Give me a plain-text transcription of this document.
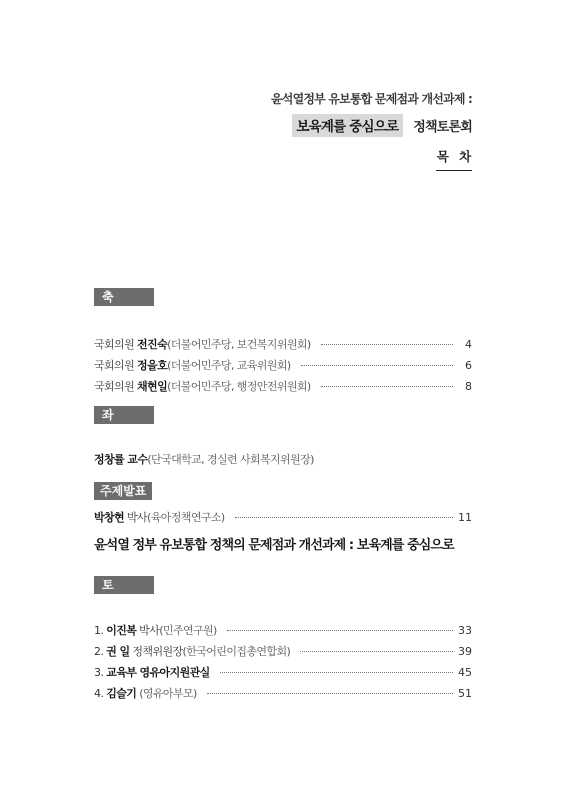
윤석열정부 유보통합 문제점과 개선과제 :
보육계를 중심으로	정책토론회
목 차
축 사
국회의원 전진숙(더불어민주당, 보건복지위원회)	4
국회의원 정을호(더불어민주당, 교육위원회)	6
국회의원 채현일(더불어민주당, 행정안전위원회)	8
좌 장
정창률 교수(단국대학교, 경실련 사회복지위원장)
주제발표
박창현 박사(육아정책연구소)	11
윤석열 정부 유보통합 정책의 문제점과 개선과제 : 보육계를 중심으로
토 론
1. 이진복 박사(민주연구원)	33
2. 권 일 정책위원장(한국어린이집총연합회)	39
3. 교육부 영유아지원관실	45
4. 김슬기 (영유아부모)	51
